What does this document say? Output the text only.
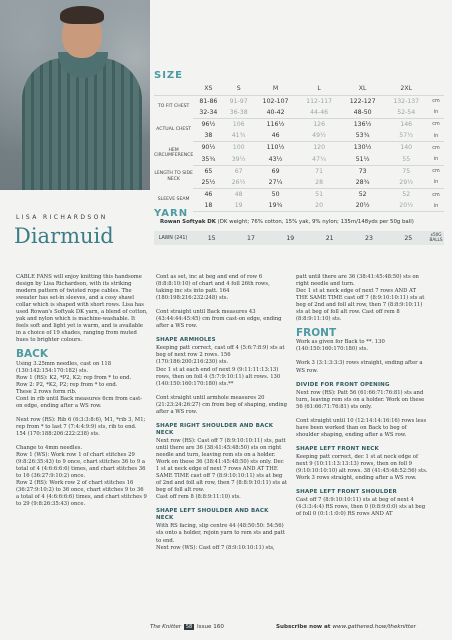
LISA RICHARDSON
Diarmuid
SIZE
	XS	S	M	L	XL	2XL	
TO FIT CHEST	81-86	91-97	102-107	112-117	122-127	132-137	cm
	32-34	36-38	40-42	44-46	48-50	52-54	in
ACTUAL CHEST	96½	106	116½	126	136½	146	cm
	38	41¾	46	49½	53¾	57½	in
HEM CIRCUMFERENCE	90½	100	110½	120	130½	140	cm
	35¾	39½	43½	47¼	51½	55	in
LENGTH TO SIDE NECK	65	67	69	71	73	75	cm
	25½	26½	27¼	28	28¾	29½	in
SLEEVE SEAM	46	48	50	51	52	52	cm
	18	19	19¾	20	20½	20½	in
YARN
Rowan Softyak DK (DK weight; 76% cotton, 15% yak, 9% nylon; 135m/148yds per 50g ball)
LAWN (241)	15	17	19	21	23	25	x50G
BALLS

CABLE FANS will enjoy knitting this handsome design by Lisa Richardson, with its striking modern pattern of twisted rope cables. The sweater has set-in sleeves, and a cosy shawl collar which is shaped with short rows. Lisa has used Rowan's Softyak DK yarn, a blend of cotton, yak and nylon which is machine-washable. It feels soft and light yet is warm, and is available in a choice of 19 shades, ranging from muted hues to brighter colours.

BACK

Using 3.25mm needles, cast on 118 (130:142:154:170:182) sts.

Row 1 (RS): K2, *P2, K2; rep from * to end.

Row 2: P2, *K2, P2; rep from * to end.

These 2 rows form rib.

Cont in rib until Back measures 6cm from cast-on edge, ending after a WS row.

Next row (RS): Rib 6 (6:3:3:8:6), M1, *rib 3, M1; rep from * to last 7 (7:4:4:9:9) sts, rib to end.

154 (170:188:206:222:238) sts.

Change to 4mm needles.

Row 1 (WS): Work row 1 of chart stitches 29 (9:8:26:35:43) to 9 once, chart stitches 36 to 9 a total of 4 (4:6:6:6:6) times, and chart stitches 36 to 16 (36:27:9:10:2) once.

Row 2 (RS): Work row 2 of chart stitches 16 (36:27:9:10:2) to 36 once, chart stitches 9 to 36 a total of 4 (4:6:6:6:6) times, and chart stitches 9 to 29 (9:8:26:35:43) once.

Cont as set, inc at beg and end of row 6 (8:8:8:10:10) of chart and 4 foll 26th rows, taking inc sts into patt. 164 (180:198:216:232:248) sts.

Cont straight until Back measures 43 (43:44:44:45:45) cm from cast-on edge, ending after a WS row.

SHAPE ARMHOLES

Keeping patt correct, cast off 4 (5:6:7:8:9) sts at beg of next row 2 rows. 156 (170:186:200:216:230) sts.

Dec 1 st at each end of next 9 (9:11:11:13:13) rows, then on foll 4 (5:7:9:10:11) alt rows. 130 (140:150:160:170:180) sts.**

Cont straight until armhole measures 20 (21:23:24:26:27) cm from beg of shaping, ending after a WS row.

SHAPE RIGHT SHOULDER AND BACK NECK

Next row (RS): Cast off 7 (8:9:10:10:11) sts, patt until there are 36 (38:41:45:48:50) sts on right needle and turn, leaving rem sts on a holder.

Work on these 36 (38:41:45:48:50) sts only. Dec 1 st at neck edge of next 7 rows AND AT THE SAME TIME cast off 7 (8:9:10:10:11) sts at beg of 2nd and foll alt row, then 7 (8:8:9:10:11) sts at beg of foll alt row.

Cast off rem 8 (8:8:9:11:10) sts.

SHAPE LEFT SHOULDER AND BACK NECK

With RS facing, slip centre 44 (48:50:50: 54:56) sts onto a holder, rejoin yarn to rem sts and patt to end.

Next row (WS): Cast off 7 (8:9:10:10:11) sts,

patt until there are 36 (38:41:45:48:50) sts on right needle and turn.

Dec 1 st at neck edge of next 7 rows AND AT THE SAME TIME cast off 7 (8:9:10:10:11) sts at beg of 2nd and foll alt row, then 7 (8:8:9:10:11) sts at beg of foll alt row. Cast off rem 8 (8:8:9:11:10) sts.

FRONT

Work as given for Back to **. 130 (140:150:160:170:180) sts.

Work 3 (3:1:3:3:3) rows straight, ending after a WS row.

DIVIDE FOR FRONT OPENING

Next row (RS): Patt 56 (61:66:71:76:81) sts and turn, leaving rem sts on a holder. Work on these 56 (61:66:71:76:81) sts only.

Cont straight until 10 (12:14:14:16:16) rows less have been worked than on Back to beg of shoulder shaping, ending after a WS row.

SHAPE LEFT FRONT NECK

Keeping patt correct, dec 1 st at neck edge of next 9 (10:11:13:13:13) rows, then on foll 9 (9:10:10:10:10) alt rows. 38 (41:45:48:52:56) sts.

Work 3 rows straight, ending after a WS row.

SHAPE LEFT FRONT SHOULDER

Cast off 7 (8:9:10:10:11) sts at beg of next 4 (4:3:3:4:4) RS rows, then 0 (0:8:9:0:0) sts at beg of foll 0 (0:1:1:0:0) RS rows AND AT

The Knitter 58 Issue 160	Subscribe now at www.gathered.how/theknitter
